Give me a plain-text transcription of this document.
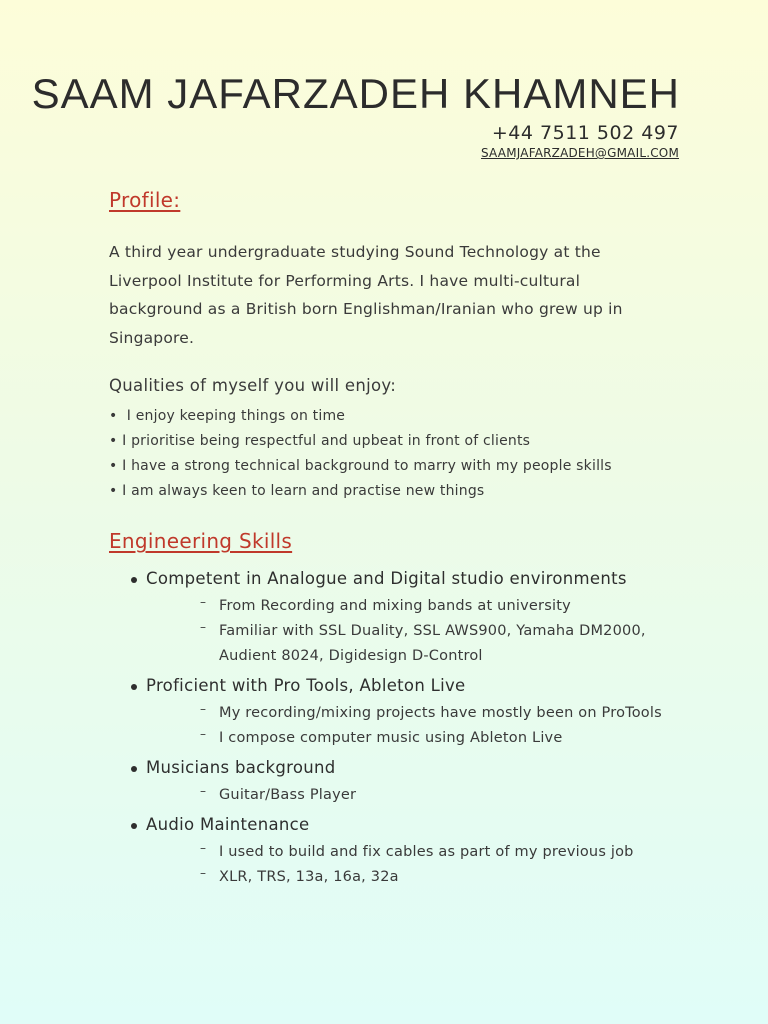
SAAM JAFARZADEH KHAMNEH
+44 7511 502 497
SAAMJAFARZADEH@GMAIL.COM
Profile:
A third year undergraduate studying Sound Technology at the Liverpool Institute for Performing Arts. I have multi-cultural background as a British born Englishman/Iranian who grew up in Singapore.
Qualities of myself you will enjoy:
•  I enjoy keeping things on time
• I prioritise being respectful and upbeat in front of clients
• I have a strong technical background to marry with my people skills
• I am always keen to learn and practise new things
Engineering Skills
Competent in Analogue and Digital studio environments
– From Recording and mixing bands at university
– Familiar with SSL Duality, SSL AWS900, Yamaha DM2000, Audient 8024, Digidesign D-Control
Proficient with Pro Tools, Ableton Live
– My recording/mixing projects have mostly been on ProTools
– I compose computer music using Ableton Live
Musicians background
– Guitar/Bass Player
Audio Maintenance
– I used to build and fix cables as part of my previous job
– XLR, TRS, 13a, 16a, 32a
